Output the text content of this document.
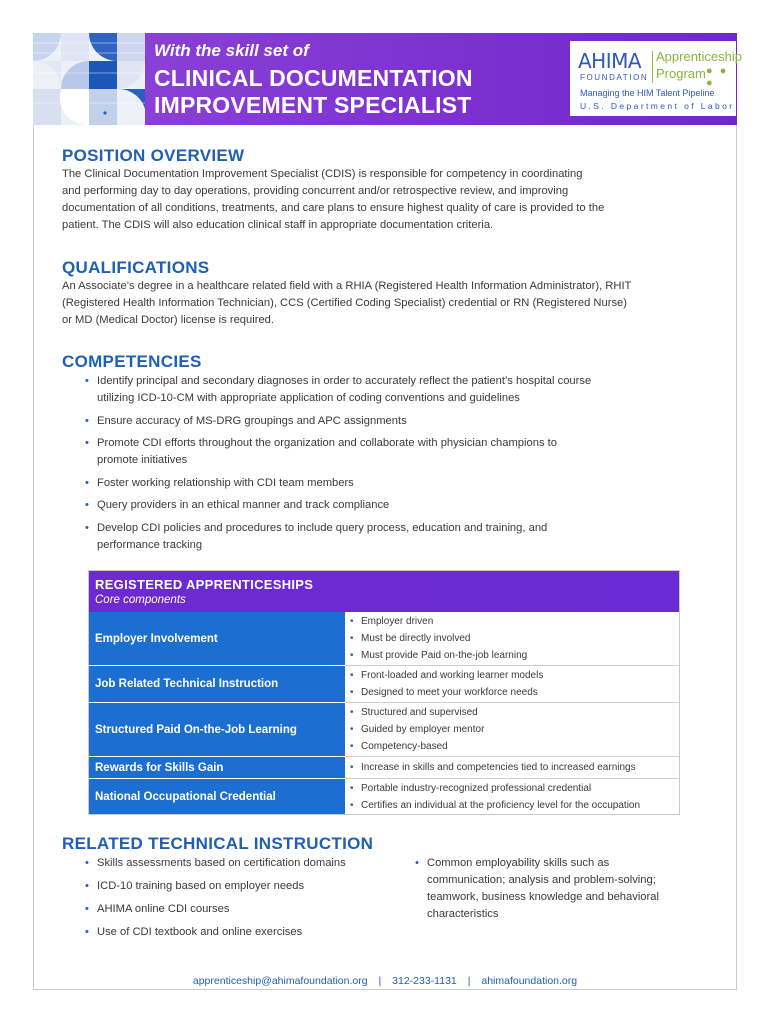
With the skill set of
CLINICAL DOCUMENTATION
IMPROVEMENT SPECIALIST
AHIMA
FOUNDATION
Apprenticeship
Program ● ● ●
Managing the HIM Talent Pipeline
U.S. Department of Labor
POSITION OVERVIEW
The Clinical Documentation Improvement Specialist (CDIS) is responsible for competency in coordinating
and performing day to day operations, providing concurrent and/or retrospective review, and improving
documentation of all conditions, treatments, and care plans to ensure highest quality of care is provided to the
patient. The CDIS will also education clinical staff in appropriate documentation criteria.
QUALIFICATIONS
An Associate’s degree in a healthcare related field with a RHIA (Registered Health Information Administrator), RHIT
(Registered Health Information Technician), CCS (Certified Coding Specialist) credential or RN (Registered Nurse)
or MD (Medical Doctor) license is required.
COMPETENCIES
• Identify principal and secondary diagnoses in order to accurately reflect the patient’s hospital course
utilizing ICD-10-CM with appropriate application of coding conventions and guidelines
• Ensure accuracy of MS-DRG groupings and APC assignments
• Promote CDI efforts throughout the organization and collaborate with physician champions to
promote initiatives
• Foster working relationship with CDI team members
• Query providers in an ethical manner and track compliance
• Develop CDI policies and procedures to include query process, education and training, and
performance tracking
REGISTERED APPRENTICESHIPS
Core components
Employer Involvement
• Employer driven
• Must be directly involved
• Must provide Paid on-the-job learning
Job Related Technical Instruction
• Front-loaded and working learner models
• Designed to meet your workforce needs
Structured Paid On-the-Job Learning
• Structured and supervised
• Guided by employer mentor
• Competency-based
Rewards for Skills Gain
•	Increase in skills and competencies tied to increased earnings
National Occupational Credential
• Portable industry-recognized professional credential
• Certifies an individual at the proficiency level for the occupation
RELATED TECHNICAL INSTRUCTION
• Skills assessments based on certification domains
• ICD-10 training based on employer needs
• AHIMA online CDI courses
• Use of CDI textbook and online exercises
• Common employability skills such as
communication; analysis and problem-solving;
teamwork, business knowledge and behavioral
characteristics
apprenticeship@ahimafoundation.org | 312-233-1131 | ahimafoundation.org
